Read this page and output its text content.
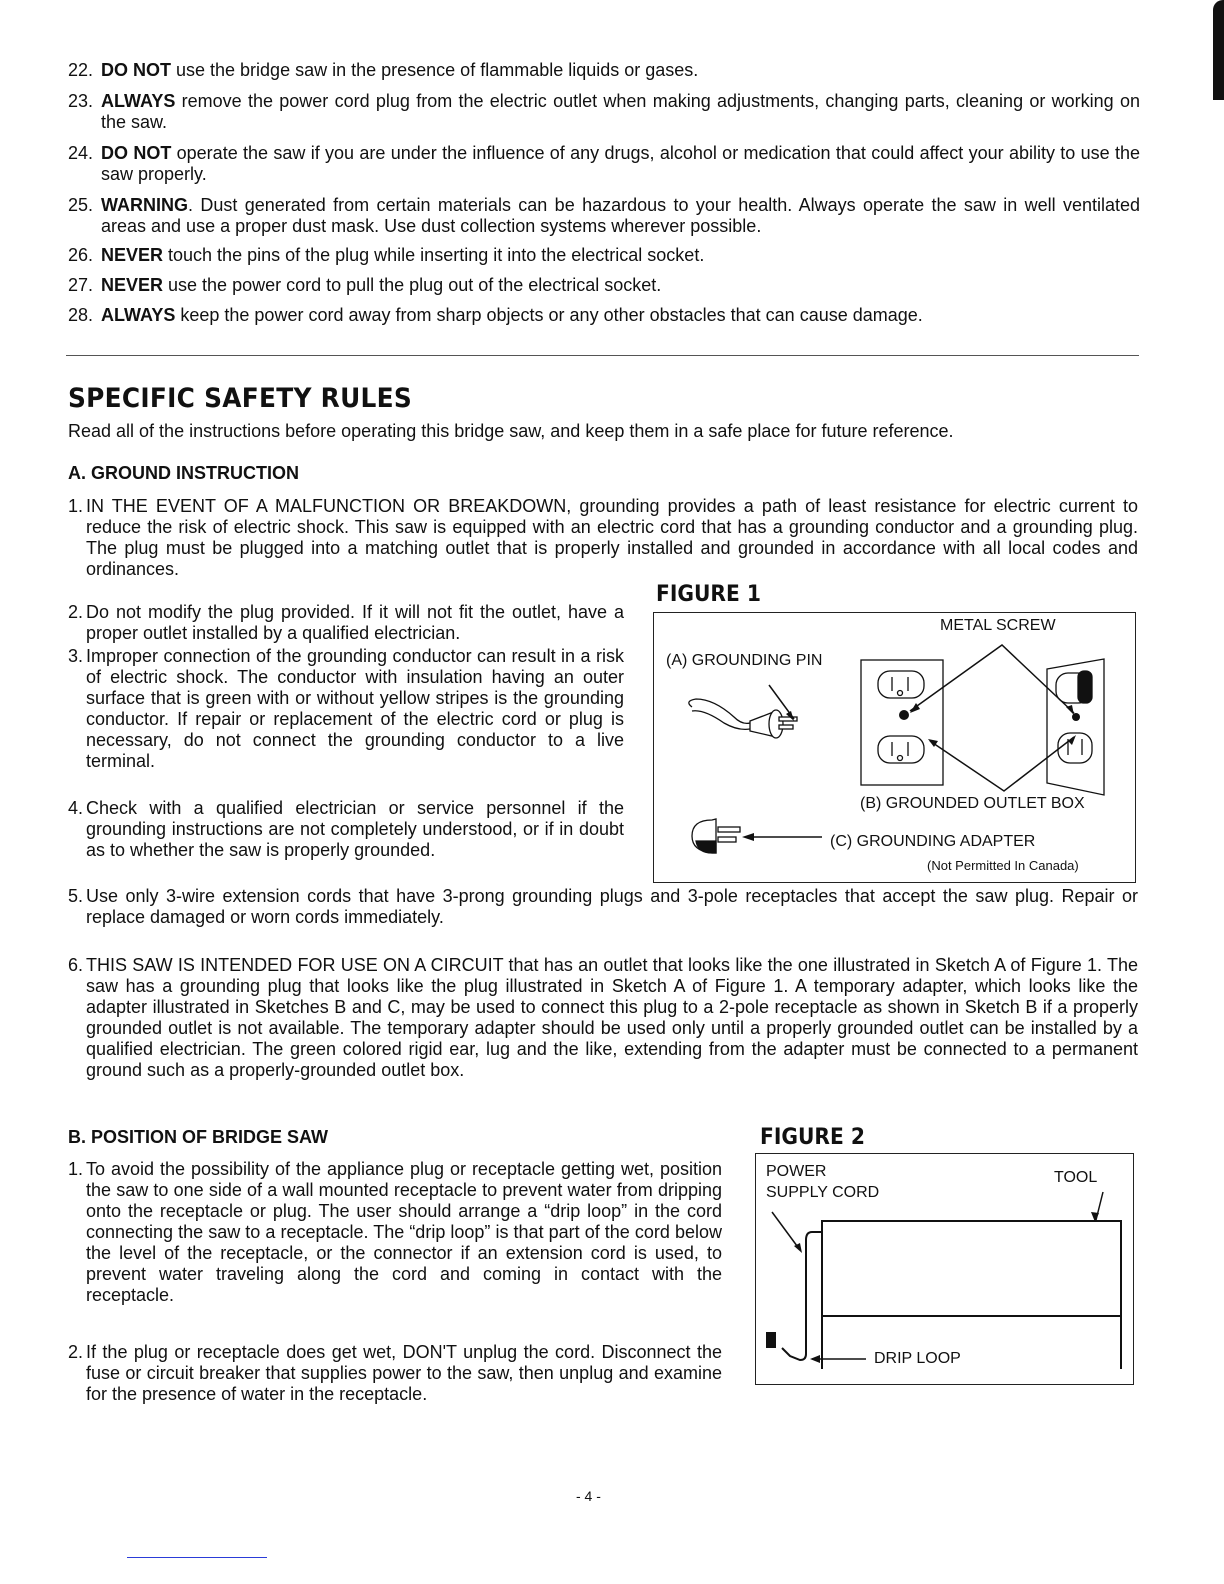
22. DO NOT use the bridge saw in the presence of flammable liquids or gases.
23. ALWAYS remove the power cord plug from the electric outlet when making adjustments, changing parts, cleaning or working on the saw.
24. DO NOT operate the saw if you are under the influence of any drugs, alcohol or medication that could affect your ability to use the saw properly.
25. WARNING. Dust generated from certain materials can be hazardous to your health. Always operate the saw in well ventilated areas and use a proper dust mask. Use dust collection systems wherever possible.
26. NEVER touch the pins of the plug while inserting it into the electrical socket.
27. NEVER use the power cord to pull the plug out of the electrical socket.
28. ALWAYS keep the power cord away from sharp objects or any other obstacles that can cause damage.
SPECIFIC SAFETY RULES
Read all of the instructions before operating this bridge saw, and keep them in a safe place for future reference.
A. GROUND INSTRUCTION
1. IN THE EVENT OF A MALFUNCTION OR BREAKDOWN, grounding provides a path of least resistance for electric current to reduce the risk of electric shock. This saw is equipped with an electric cord that has a grounding conductor and a grounding plug. The plug must be plugged into a matching outlet that is properly installed and grounded in accordance with all local codes and ordinances.
2. Do not modify the plug provided. If it will not fit the outlet, have a proper outlet installed by a qualified electrician.
3. Improper connection of the grounding conductor can result in a risk of electric shock. The conductor with insulation having an outer surface that is green with or without yellow stripes is the grounding conductor. If repair or replacement of the electric cord or plug is necessary, do not connect the grounding conductor to a live terminal.
4. Check with a qualified electrician or service personnel if the grounding instructions are not completely understood, or if in doubt as to whether the saw is properly grounded.
5. Use only 3-wire extension cords that have 3-prong grounding plugs and 3-pole receptacles that accept the saw plug. Repair or replace damaged or worn cords immediately.
6. THIS SAW IS INTENDED FOR USE ON A CIRCUIT that has an outlet that looks like the one illustrated in Sketch A of Figure 1. The saw has a grounding plug that looks like the plug illustrated in Sketch A of Figure 1. A temporary adapter, which looks like the adapter illustrated in Sketches B and C, may be used to connect this plug to a 2-pole receptacle as shown in Sketch B if a properly grounded outlet is not available. The temporary adapter should be used only until a properly grounded outlet can be installed by a qualified electrician. The green colored rigid ear, lug and the like, extending from the adapter must be connected to a permanent ground such as a properly-grounded outlet box.
FIGURE 1
METAL SCREW
(A) GROUNDING PIN
(B) GROUNDED OUTLET BOX
(C) GROUNDING ADAPTER
(Not Permitted In Canada)
B. POSITION OF BRIDGE SAW
1. To avoid the possibility of the appliance plug or receptacle getting wet, position the saw to one side of a wall mounted receptacle to prevent water from dripping onto the receptacle or plug. The user should arrange a “drip loop” in the cord connecting the saw to a receptacle. The “drip loop” is that part of the cord below the level of the receptacle, or the connector if an extension cord is used, to prevent water traveling along the cord and coming in contact with the receptacle.
2. If the plug or receptacle does get wet, DON'T unplug the cord. Disconnect the fuse or circuit breaker that supplies power to the saw, then unplug and examine for the presence of water in the receptacle.
FIGURE 2
POWER
SUPPLY CORD
TOOL
DRIP LOOP
- 4 -
